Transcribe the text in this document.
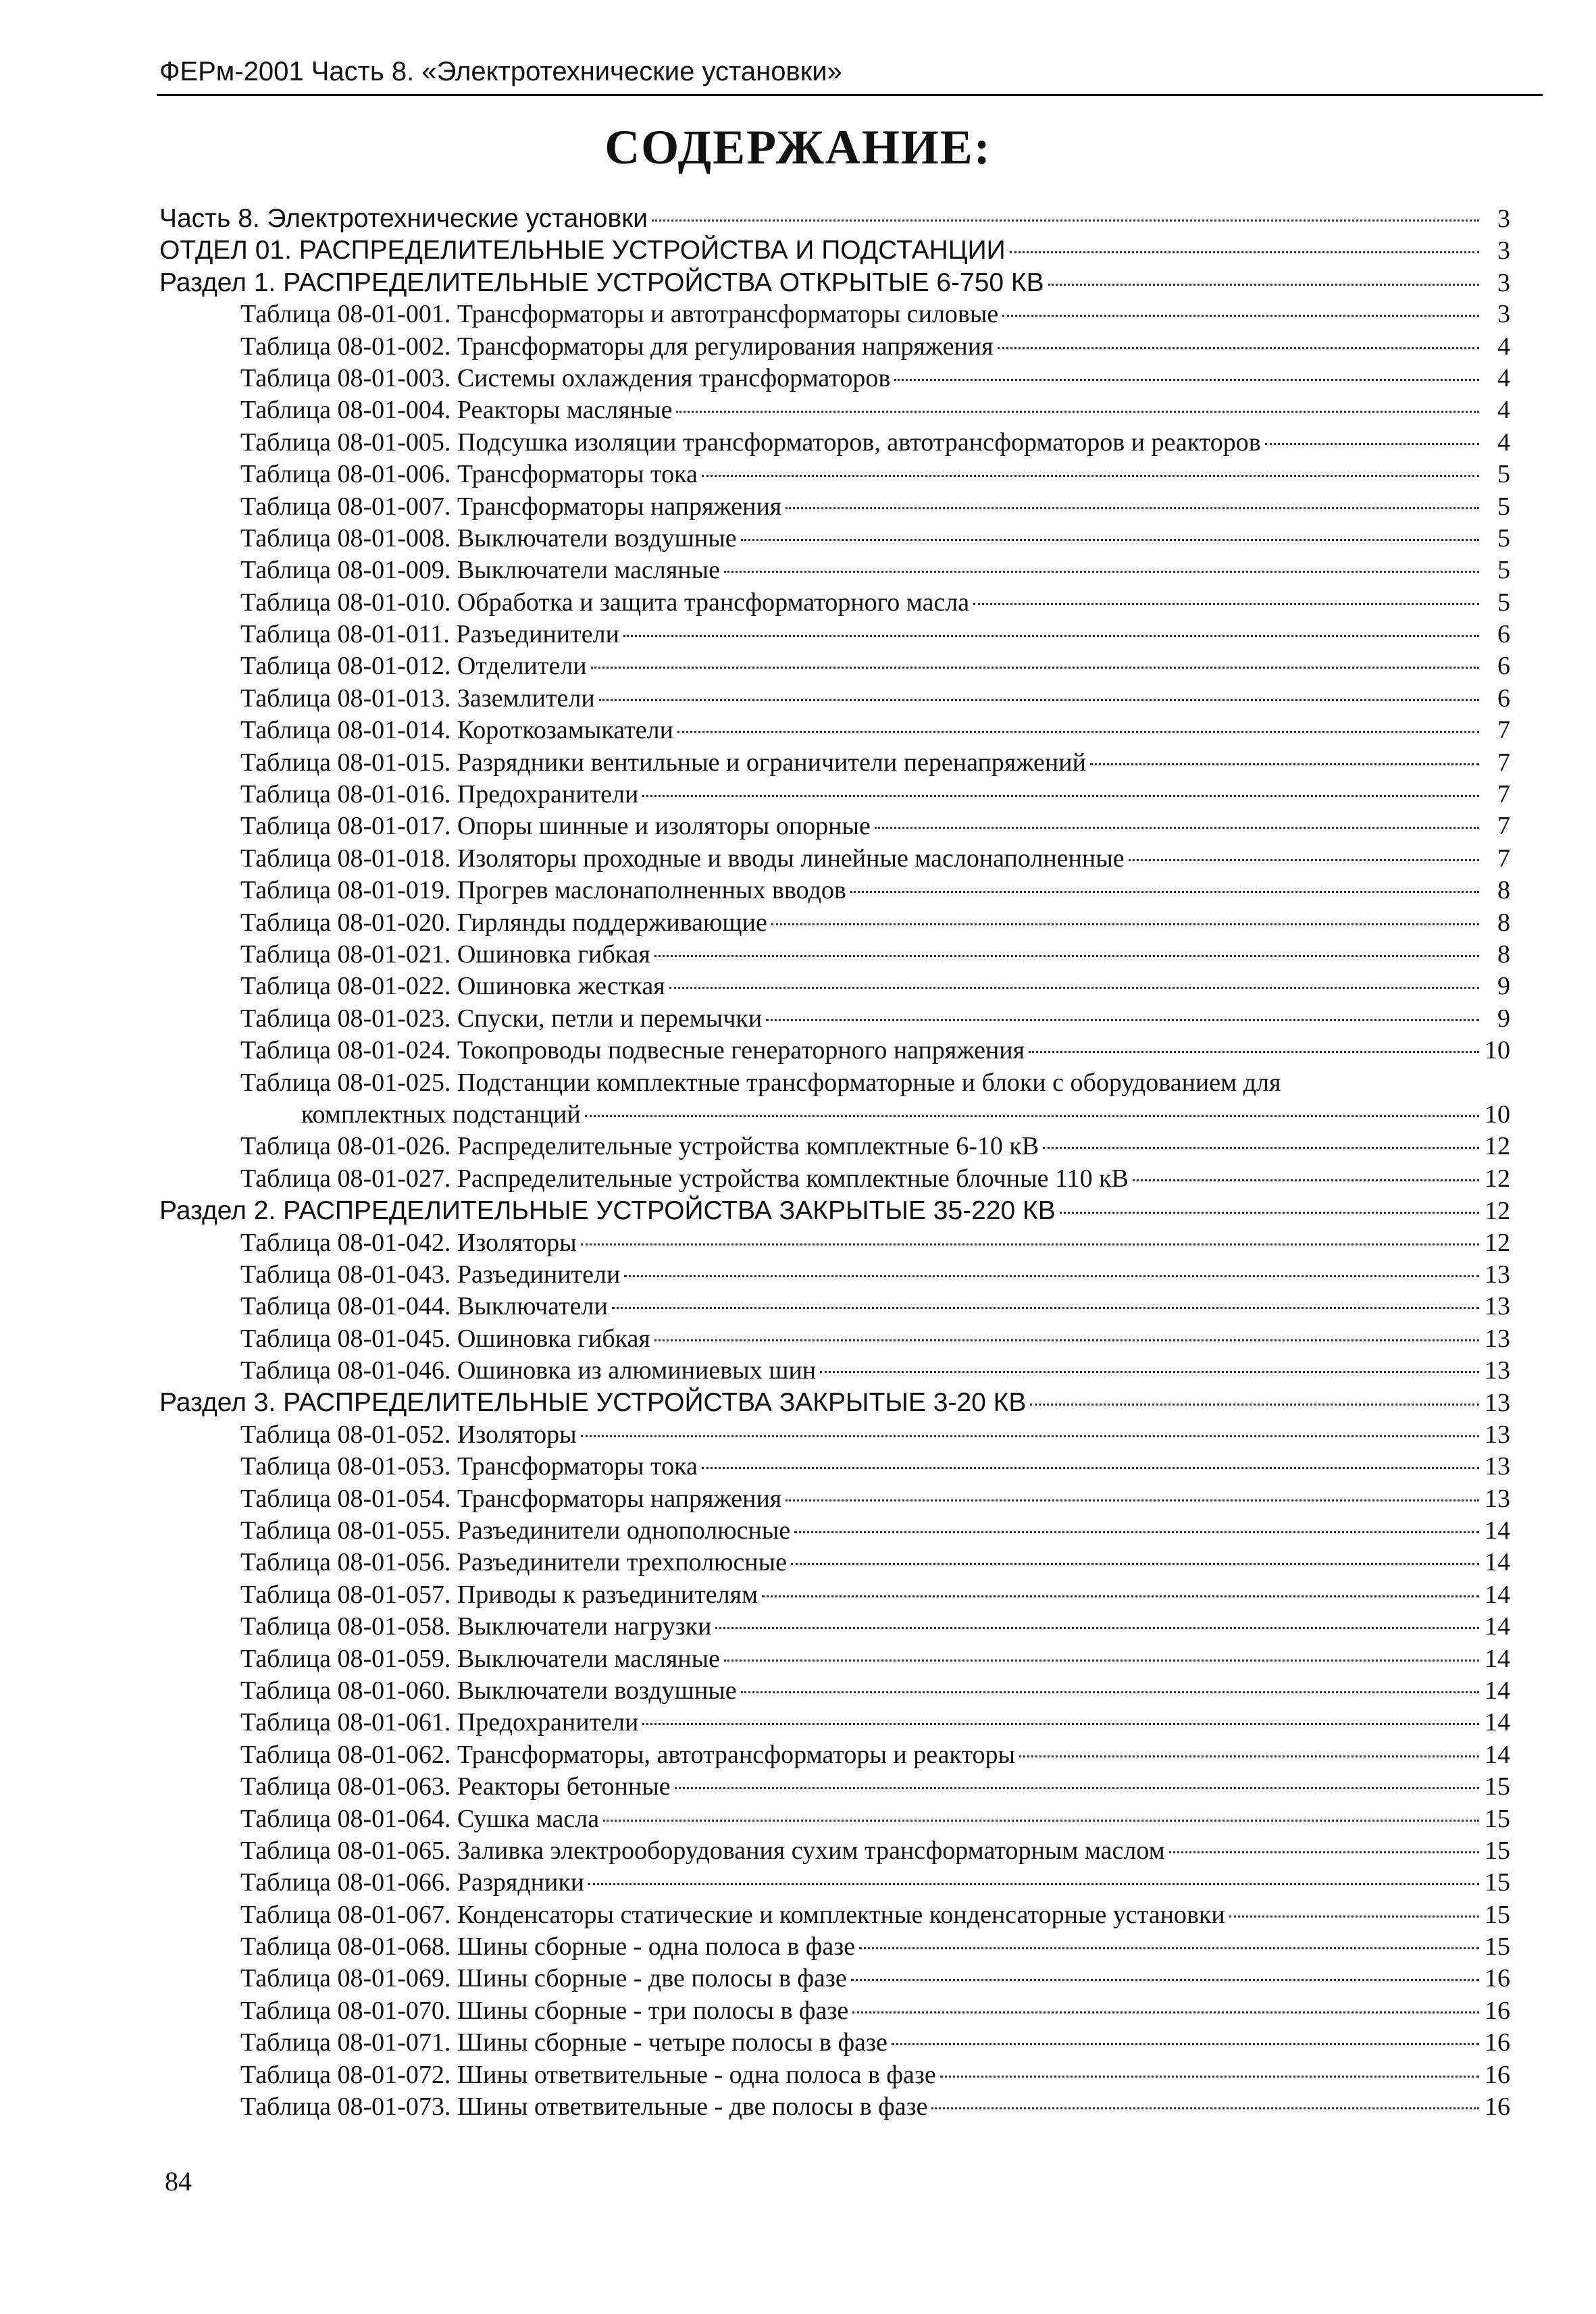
ФЕРм-2001 Часть 8. «Электротехнические установки»
СОДЕРЖАНИЕ:
Часть 8. Электротехнические установки	3
ОТДЕЛ 01. РАСПРЕДЕЛИТЕЛЬНЫЕ УСТРОЙСТВА И ПОДСТАНЦИИ	3
Раздел 1. РАСПРЕДЕЛИТЕЛЬНЫЕ УСТРОЙСТВА ОТКРЫТЫЕ 6-750 КВ	3
Таблица 08-01-001. Трансформаторы и автотрансформаторы силовые	3
Таблица 08-01-002. Трансформаторы для регулирования напряжения	4
Таблица 08-01-003. Системы охлаждения трансформаторов	4
Таблица 08-01-004. Реакторы масляные	4
Таблица 08-01-005. Подсушка изоляции трансформаторов, автотрансформаторов и реакторов	4
Таблица 08-01-006. Трансформаторы тока	5
Таблица 08-01-007. Трансформаторы напряжения	5
Таблица 08-01-008. Выключатели воздушные	5
Таблица 08-01-009. Выключатели масляные	5
Таблица 08-01-010. Обработка и защита трансформаторного масла	5
Таблица 08-01-011. Разъединители	6
Таблица 08-01-012. Отделители	6
Таблица 08-01-013. Заземлители	6
Таблица 08-01-014. Короткозамыкатели	7
Таблица 08-01-015. Разрядники вентильные и ограничители перенапряжений	7
Таблица 08-01-016. Предохранители	7
Таблица 08-01-017. Опоры шинные и изоляторы опорные	7
Таблица 08-01-018. Изоляторы проходные и вводы линейные маслонаполненные	7
Таблица 08-01-019. Прогрев маслонаполненных вводов	8
Таблица 08-01-020. Гирлянды поддерживающие	8
Таблица 08-01-021. Ошиновка гибкая	8
Таблица 08-01-022. Ошиновка жесткая	9
Таблица 08-01-023. Спуски, петли и перемычки	9
Таблица 08-01-024. Токопроводы подвесные генераторного напряжения	10
Таблица 08-01-025. Подстанции комплектные трансформаторные и блоки с оборудованием для
комплектных подстанций	10
Таблица 08-01-026. Распределительные устройства комплектные 6-10 кВ	12
Таблица 08-01-027. Распределительные устройства комплектные блочные 110 кВ	12
Раздел 2. РАСПРЕДЕЛИТЕЛЬНЫЕ УСТРОЙСТВА ЗАКРЫТЫЕ 35-220 КВ	12
Таблица 08-01-042. Изоляторы	12
Таблица 08-01-043. Разъединители	13
Таблица 08-01-044. Выключатели	13
Таблица 08-01-045. Ошиновка гибкая	13
Таблица 08-01-046. Ошиновка из алюминиевых шин	13
Раздел 3. РАСПРЕДЕЛИТЕЛЬНЫЕ УСТРОЙСТВА ЗАКРЫТЫЕ 3-20 КВ	13
Таблица 08-01-052. Изоляторы	13
Таблица 08-01-053. Трансформаторы тока	13
Таблица 08-01-054. Трансформаторы напряжения	13
Таблица 08-01-055. Разъединители однополюсные	14
Таблица 08-01-056. Разъединители трехполюсные	14
Таблица 08-01-057. Приводы к разъединителям	14
Таблица 08-01-058. Выключатели нагрузки	14
Таблица 08-01-059. Выключатели масляные	14
Таблица 08-01-060. Выключатели воздушные	14
Таблица 08-01-061. Предохранители	14
Таблица 08-01-062. Трансформаторы, автотрансформаторы и реакторы	14
Таблица 08-01-063. Реакторы бетонные	15
Таблица 08-01-064. Сушка масла	15
Таблица 08-01-065. Заливка электрооборудования сухим трансформаторным маслом	15
Таблица 08-01-066. Разрядники	15
Таблица 08-01-067. Конденсаторы статические и комплектные конденсаторные установки	15
Таблица 08-01-068. Шины сборные - одна полоса в фазе	15
Таблица 08-01-069. Шины сборные - две полосы в фазе	16
Таблица 08-01-070. Шины сборные - три полосы в фазе	16
Таблица 08-01-071. Шины сборные - четыре полосы в фазе	16
Таблица 08-01-072. Шины ответвительные - одна полоса в фазе	16
Таблица 08-01-073. Шины ответвительные - две полосы в фазе	16
84
